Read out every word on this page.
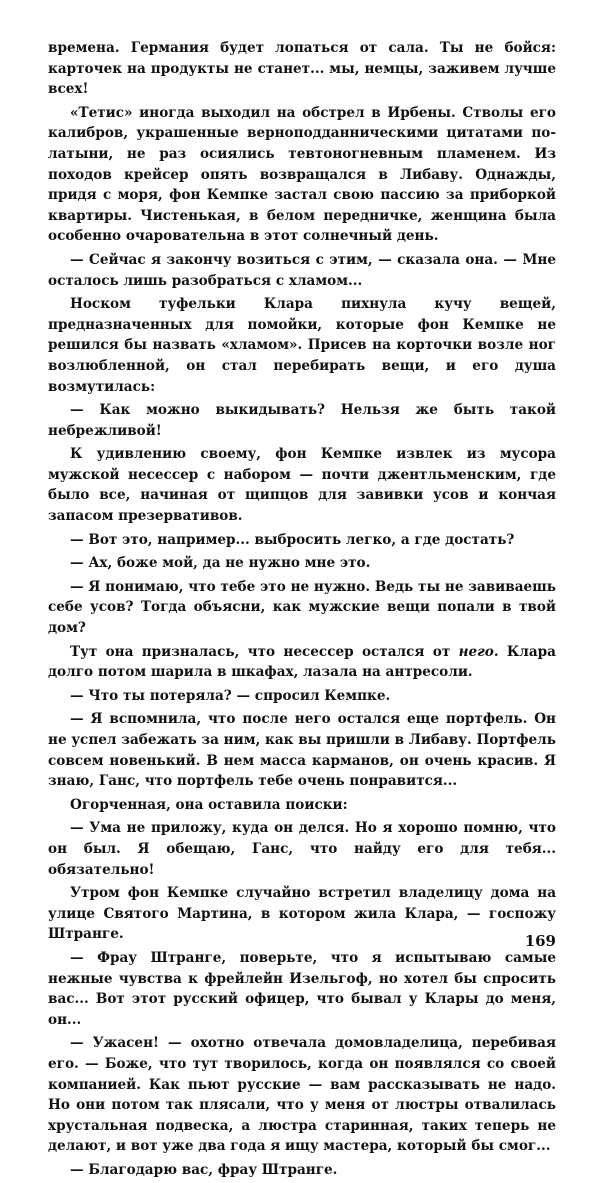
времена. Германия будет лопаться от сала. Ты не бойся: карточек на продукты не станет... мы, немцы, заживем лучше всех!

«Тетис» иногда выходил на обстрел в Ирбены. Стволы его калибров, украшенные верноподданническими цитатами по-латыни, не раз осиялись тевтоногневным пламенем. Из походов крейсер опять возвращался в Либаву. Однажды, придя с моря, фон Кемпке застал свою пассию за приборкой квартиры. Чистенькая, в белом передничке, женщина была особенно очаровательна в этот солнечный день.

— Сейчас я закончу возиться с этим, — сказала она. — Мне осталось лишь разобраться с хламом...

Носком туфельки Клара пихнула кучу вещей, предназначенных для помойки, которые фон Кемпке не решился бы назвать «хламом». Присев на корточки возле ног возлюбленной, он стал перебирать вещи, и его душа возмутилась:

— Как можно выкидывать? Нельзя же быть такой небрежливой!

К удивлению своему, фон Кемпке извлек из мусора мужской несессер с набором — почти джентльменским, где было все, начиная от щипцов для завивки усов и кончая запасом презервативов.

— Вот это, например... выбросить легко, а где достать?

— Ах, боже мой, да не нужно мне это.

— Я понимаю, что тебе это не нужно. Ведь ты не завиваешь себе усов? Тогда объясни, как мужские вещи попали в твой дом?

Тут она призналась, что несессер остался от него. Клара долго потом шарила в шкафах, лазала на антресоли.

— Что ты потеряла? — спросил Кемпке.

— Я вспомнила, что после него остался еще портфель. Он не успел забежать за ним, как вы пришли в Либаву. Портфель совсем новенький. В нем масса карманов, он очень красив. Я знаю, Ганс, что портфель тебе очень понравится...

Огорченная, она оставила поиски:

— Ума не приложу, куда он делся. Но я хорошо помню, что он был. Я обещаю, Ганс, что найду его для тебя... обязательно!

Утром фон Кемпке случайно встретил владелицу дома на улице Святого Мартина, в котором жила Клара, — госпожу Штранге.

— Фрау Штранге, поверьте, что я испытываю самые нежные чувства к фрейлейн Изельгоф, но хотел бы спросить вас... Вот этот русский офицер, что бывал у Клары до меня, он...

— Ужасен! — охотно отвечала домовладелица, перебивая его. — Боже, что тут творилось, когда он появлялся со своей компанией. Как пьют русские — вам рассказывать не надо. Но они потом так плясали, что у меня от люстры отвалилась хрустальная подвеска, а люстра старинная, таких теперь не делают, и вот уже два года я ищу мастера, который бы смог...

— Благодарю вас, фрау Штранге.

169
